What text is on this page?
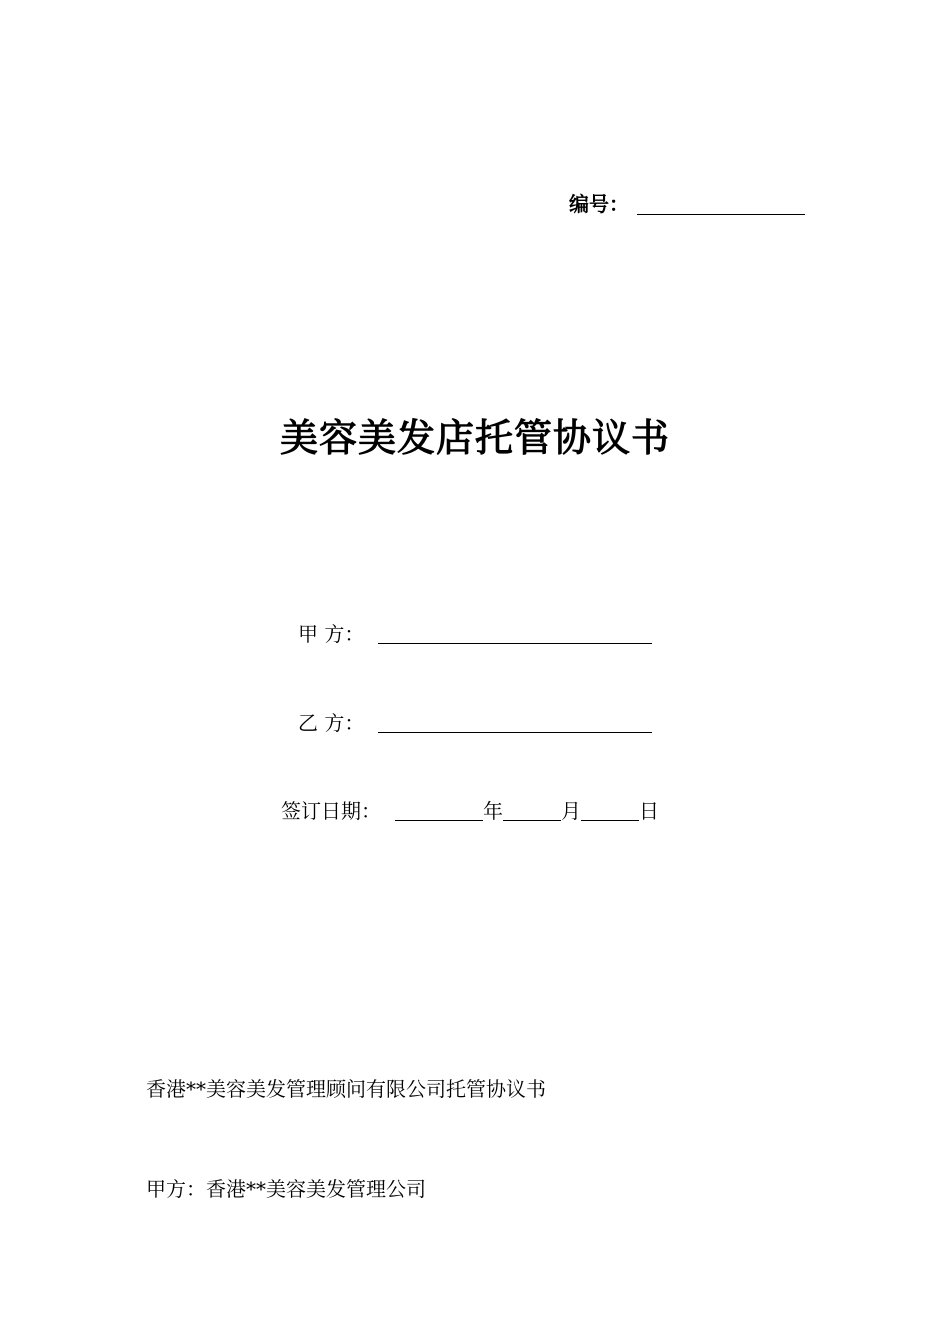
编号：
美容美发店托管协议书
甲 方：
乙 方：
签订日期：	年	月	日
香港**美容美发管理顾问有限公司托管协议书
甲方：香港**美容美发管理公司
